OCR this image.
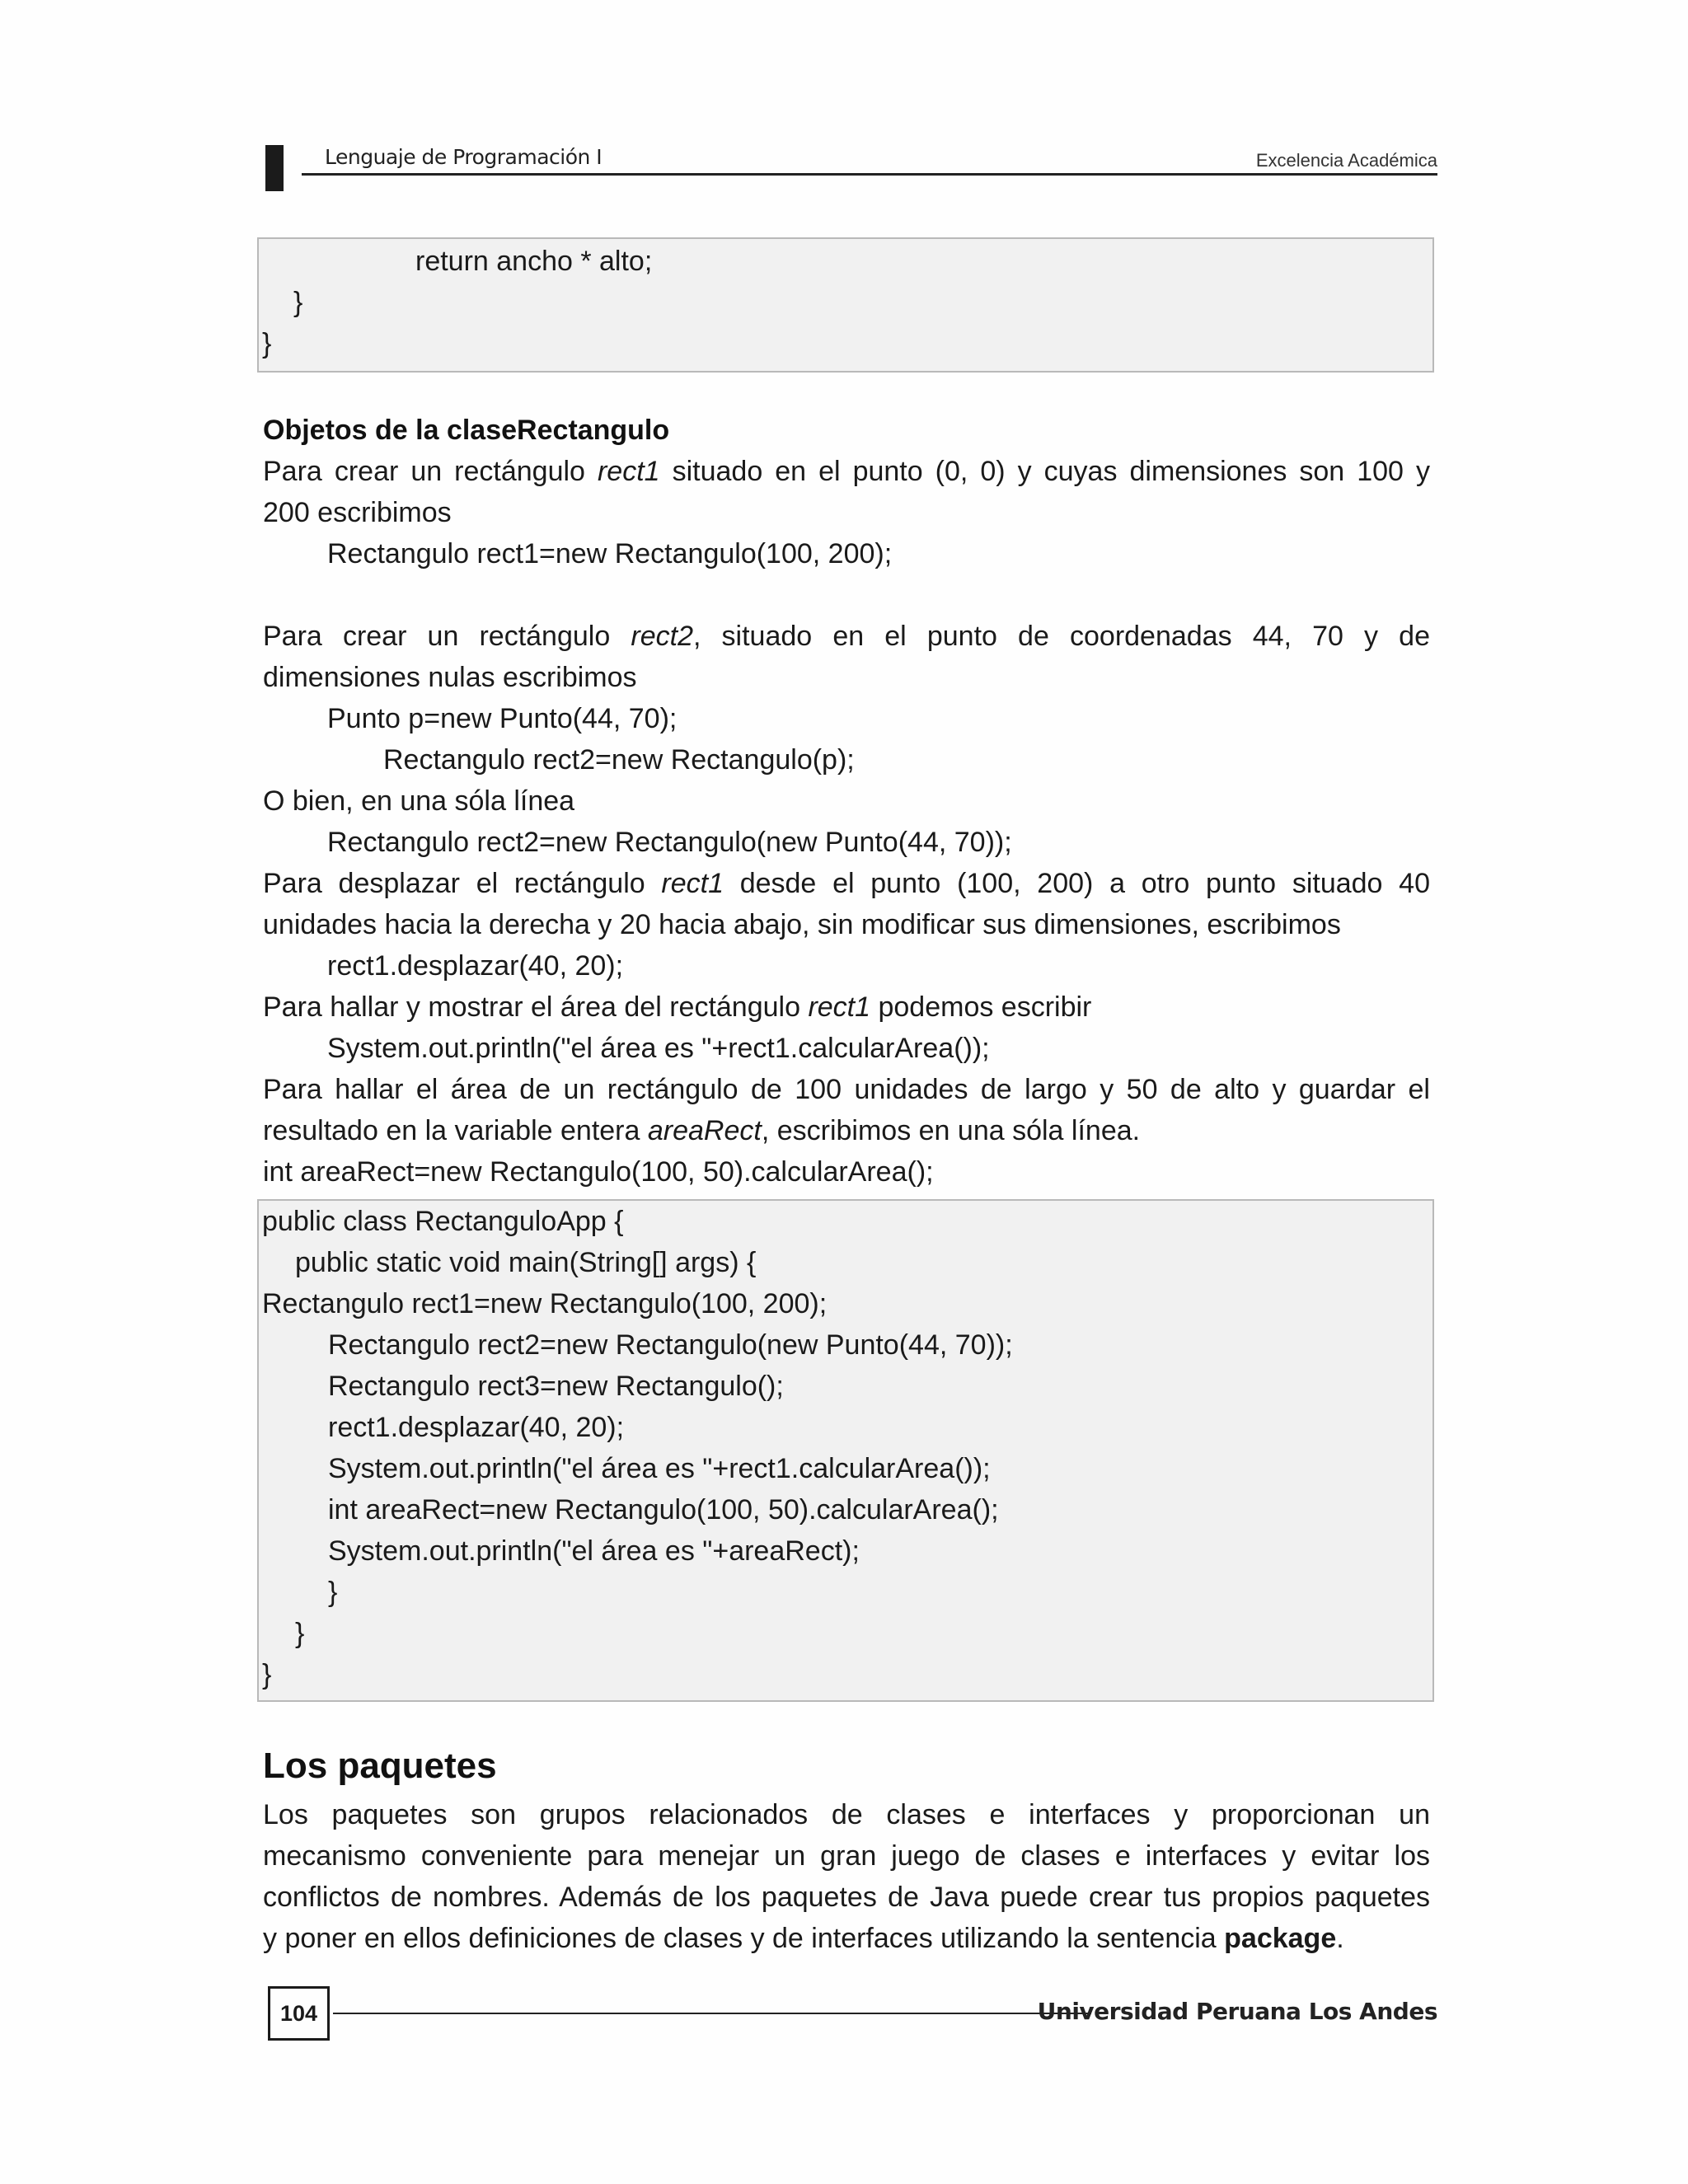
Lenguaje de Programación I	Excelencia Académica
return ancho * alto;
}
}
Objetos de la claseRectangulo
Para crear un rectángulo rect1 situado en el punto (0, 0) y cuyas dimensiones son 100 y
200 escribimos
Rectangulo rect1=new Rectangulo(100, 200);
Para crear un rectángulo rect2, situado en el punto de coordenadas 44, 70 y de
dimensiones nulas escribimos
Punto p=new Punto(44, 70);
Rectangulo rect2=new Rectangulo(p);
O bien, en una sóla línea
Rectangulo rect2=new Rectangulo(new Punto(44, 70));
Para desplazar el rectángulo rect1 desde el punto (100, 200) a otro punto situado 40
unidades hacia la derecha y 20 hacia abajo, sin modificar sus dimensiones, escribimos
rect1.desplazar(40, 20);
Para hallar y mostrar el área del rectángulo rect1 podemos escribir
System.out.println("el área es "+rect1.calcularArea());
Para hallar el área de un rectángulo de 100 unidades de largo y 50 de alto y guardar el
resultado en la variable entera areaRect, escribimos en una sóla línea.
int areaRect=new Rectangulo(100, 50).calcularArea();
public class RectanguloApp {
public static void main(String[] args) {
Rectangulo rect1=new Rectangulo(100, 200);
Rectangulo rect2=new Rectangulo(new Punto(44, 70));
Rectangulo rect3=new Rectangulo();
rect1.desplazar(40, 20);
System.out.println("el área es "+rect1.calcularArea());
int areaRect=new Rectangulo(100, 50).calcularArea();
System.out.println("el área es "+areaRect);
}
}
}
Los paquetes
Los paquetes son grupos relacionados de clases e interfaces y proporcionan un
mecanismo conveniente para menejar un gran juego de clases e interfaces y evitar los
conflictos de nombres. Además de los paquetes de Java puede crear tus propios paquetes
y poner en ellos definiciones de clases y de interfaces utilizando la sentencia package.
104	Universidad Peruana Los Andes
